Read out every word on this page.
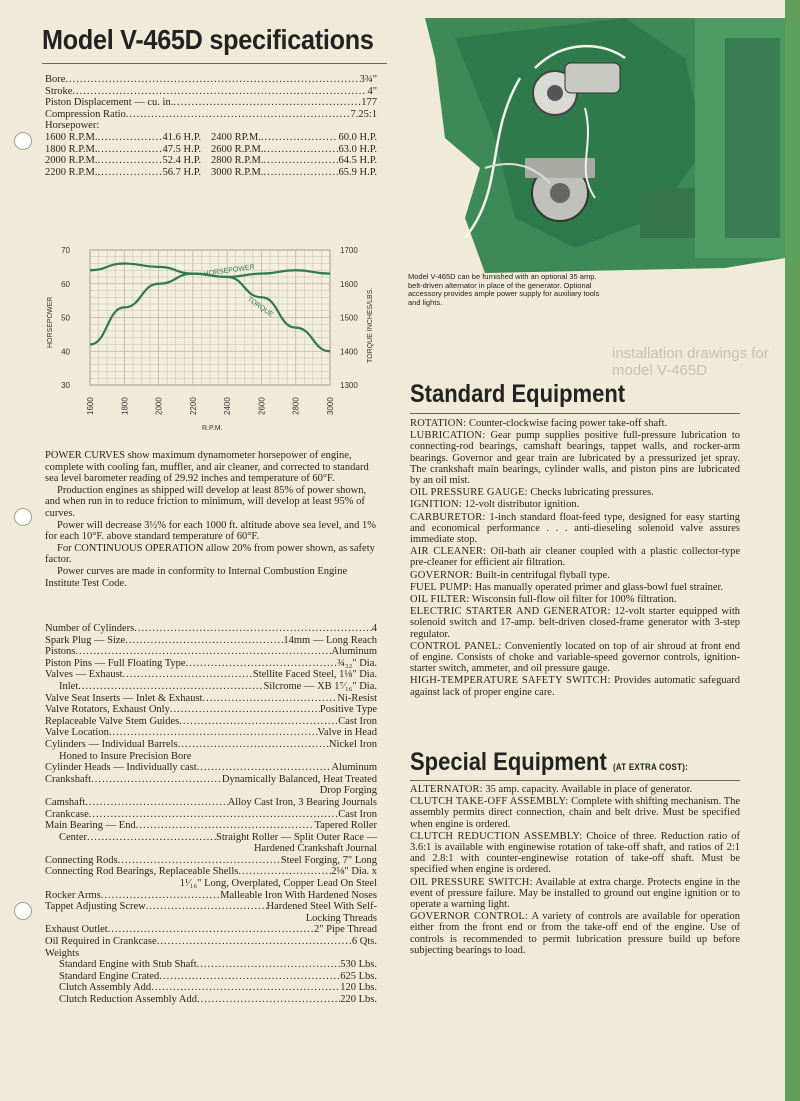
Model V-465D specifications
Bore .....	3¾"
Stroke .....	4"
Piston Displacement — cu. in. .....	177
Compression Ratio .....	7.25:1
Horsepower:
1600 R.P.M. .....	41.6 H.P. 2400 RP.M. .....	60.0 H.P.
1800 R.P.M. .....	47.5 H.P. 2600 R.P.M. .....	63.0 H.P.
2000 R.P.M. .....	52.4 H.P. 2800 R.P.M. .....	64.5 H.P.
2200 R.P.M. .....	56.7 H.P. 3000 R.P.M. .....	65.9 H.P.
30
40
50
60
70
1300
1400
1500
1600
1700
1600	1800	2000	2200	2400	2600	2800	3000
R.P.M.
HORSEPOWER	TORQUE INCHES/LBS.
HORSEPOWER
TORQUE

POWER CURVES show maximum dynamometer horsepower of engine, complete with cooling fan, muffler, and air cleaner, and corrected to standard sea level barometer reading of 29.92 inches and temperature of 60°F.

Production engines as shipped will develop at least 85% of power shown, and when run in to reduce friction to minimum, will develop at least 95% of curves.

Power will decrease 3½% for each 1000 ft. altitude above sea level, and 1% for each 10°F. above standard temperature of 60°F.

For CONTINUOUS OPERATION allow 20% from power shown, as safety factor.

Power curves are made in conformity to Internal Combustion Engine Institute Test Code.

Number of Cylinders .....	4
Spark Plug — Size .....	14mm — Long Reach
Pistons .....	Aluminum
Piston Pins — Full Floating Type .....	¾₃₂" Dia.
Valves — Exhaust .....	Stellite Faced Steel, 1⅛" Dia.
Inlet .....	Silcrome — XB 1⁷⁄₁₆" Dia.
Valve Seat Inserts — Inlet & Exhaust .....	Ni-Resist
Valve Rotators, Exhaust Only .....	Positive Type
Replaceable Valve Stem Guides .....	Cast Iron
Valve Location .....	Valve in Head
Cylinders — Individual Barrels .....	Nickel Iron
Honed to Insure Precision Bore
Cylinder Heads — Individually cast .....	Aluminum
Crankshaft .....	Dynamically Balanced, Heat Treated
Drop Forging
Camshaft .....	Alloy Cast Iron, 3 Bearing Journals
Crankcase .....	Cast Iron
Main Bearing — End .....	Tapered Roller
Center .....	Straight Roller — Split Outer Race —
Hardened Crankshaft Journal
Connecting Rods .....	Steel Forging, 7" Long
Connecting Rod Bearings, Replaceable Shells .....	2⅛" Dia. x
1¹⁄₁₆" Long, Overplated, Copper Lead On Steel
Rocker Arms .....	Malleable Iron With Hardened Noses
Tappet Adjusting Screw .....	Hardened Steel With Self-
Locking Threads
Exhaust Outlet .....	2" Pipe Thread
Oil Required in Crankcase .....	6 Qts.
Weights
Standard Engine with Stub Shaft .....	530 Lbs.
Standard Engine Crated .....	625 Lbs.
Clutch Assembly Add .....	120 Lbs.
Clutch Reduction Assembly Add .....	220 Lbs.
Model V-465D can be furnished with an optional 35 amp. belt-driven alternator in place of the generator. Optional accessory provides ample power supply for auxiliary tools and lights.
installation drawings for model V-465D
Standard Equipment

ROTATION: Counter-clockwise facing power take-off shaft.

LUBRICATION: Gear pump supplies positive full-pressure lubrication to connecting-rod bearings, camshaft bearings, tappet walls, and rocker-arm bearings. Governor and gear train are lubricated by a pressurized jet spray. The crankshaft main bearings, cylinder walls, and piston pins are lubricated by an oil mist.

OIL PRESSURE GAUGE: Checks lubricating pressures.

IGNITION: 12-volt distributor ignition.

CARBURETOR: 1-inch standard float-feed type, designed for easy starting and economical performance . . . anti-dieseling solenoid valve assures immediate stop.

AIR CLEANER: Oil-bath air cleaner coupled with a plastic collector-type pre-cleaner for efficient air filtration.

GOVERNOR: Built-in centrifugal flyball type.

FUEL PUMP: Has manually operated primer and glass-bowl fuel strainer.

OIL FILTER: Wisconsin full-flow oil filter for 100% filtration.

ELECTRIC STARTER AND GENERATOR: 12-volt starter equipped with solenoid switch and 17-amp. belt-driven closed-frame generator with 3-step regulator.

CONTROL PANEL: Conveniently located on top of air shroud at front end of engine. Consists of choke and variable-speed governor controls, ignition-starter switch, ammeter, and oil pressure gauge.

HIGH-TEMPERATURE SAFETY SWITCH: Provides automatic safeguard against lack of proper engine care.

Special Equipment (AT EXTRA COST):

ALTERNATOR: 35 amp. capacity. Available in place of generator.

CLUTCH TAKE-OFF ASSEMBLY: Complete with shifting mechanism. The assembly permits direct connection, chain and belt drive. Must be specified when engine is ordered.

CLUTCH REDUCTION ASSEMBLY: Choice of three. Reduction ratio of 3.6:1 is available with enginewise rotation of take-off shaft, and ratios of 2:1 and 2.8:1 with counter-enginewise rotation of take-off shaft. Must be specified when engine is ordered.

OIL PRESSURE SWITCH: Available at extra charge. Protects engine in the event of pressure failure. May be installed to ground out engine ignition or to operate a warning light.

GOVERNOR CONTROL: A variety of controls are available for operation either from the front end or from the take-off end of the engine. Use of controls is recommended to permit lubrication pressure build up before subjecting bearings to load.
